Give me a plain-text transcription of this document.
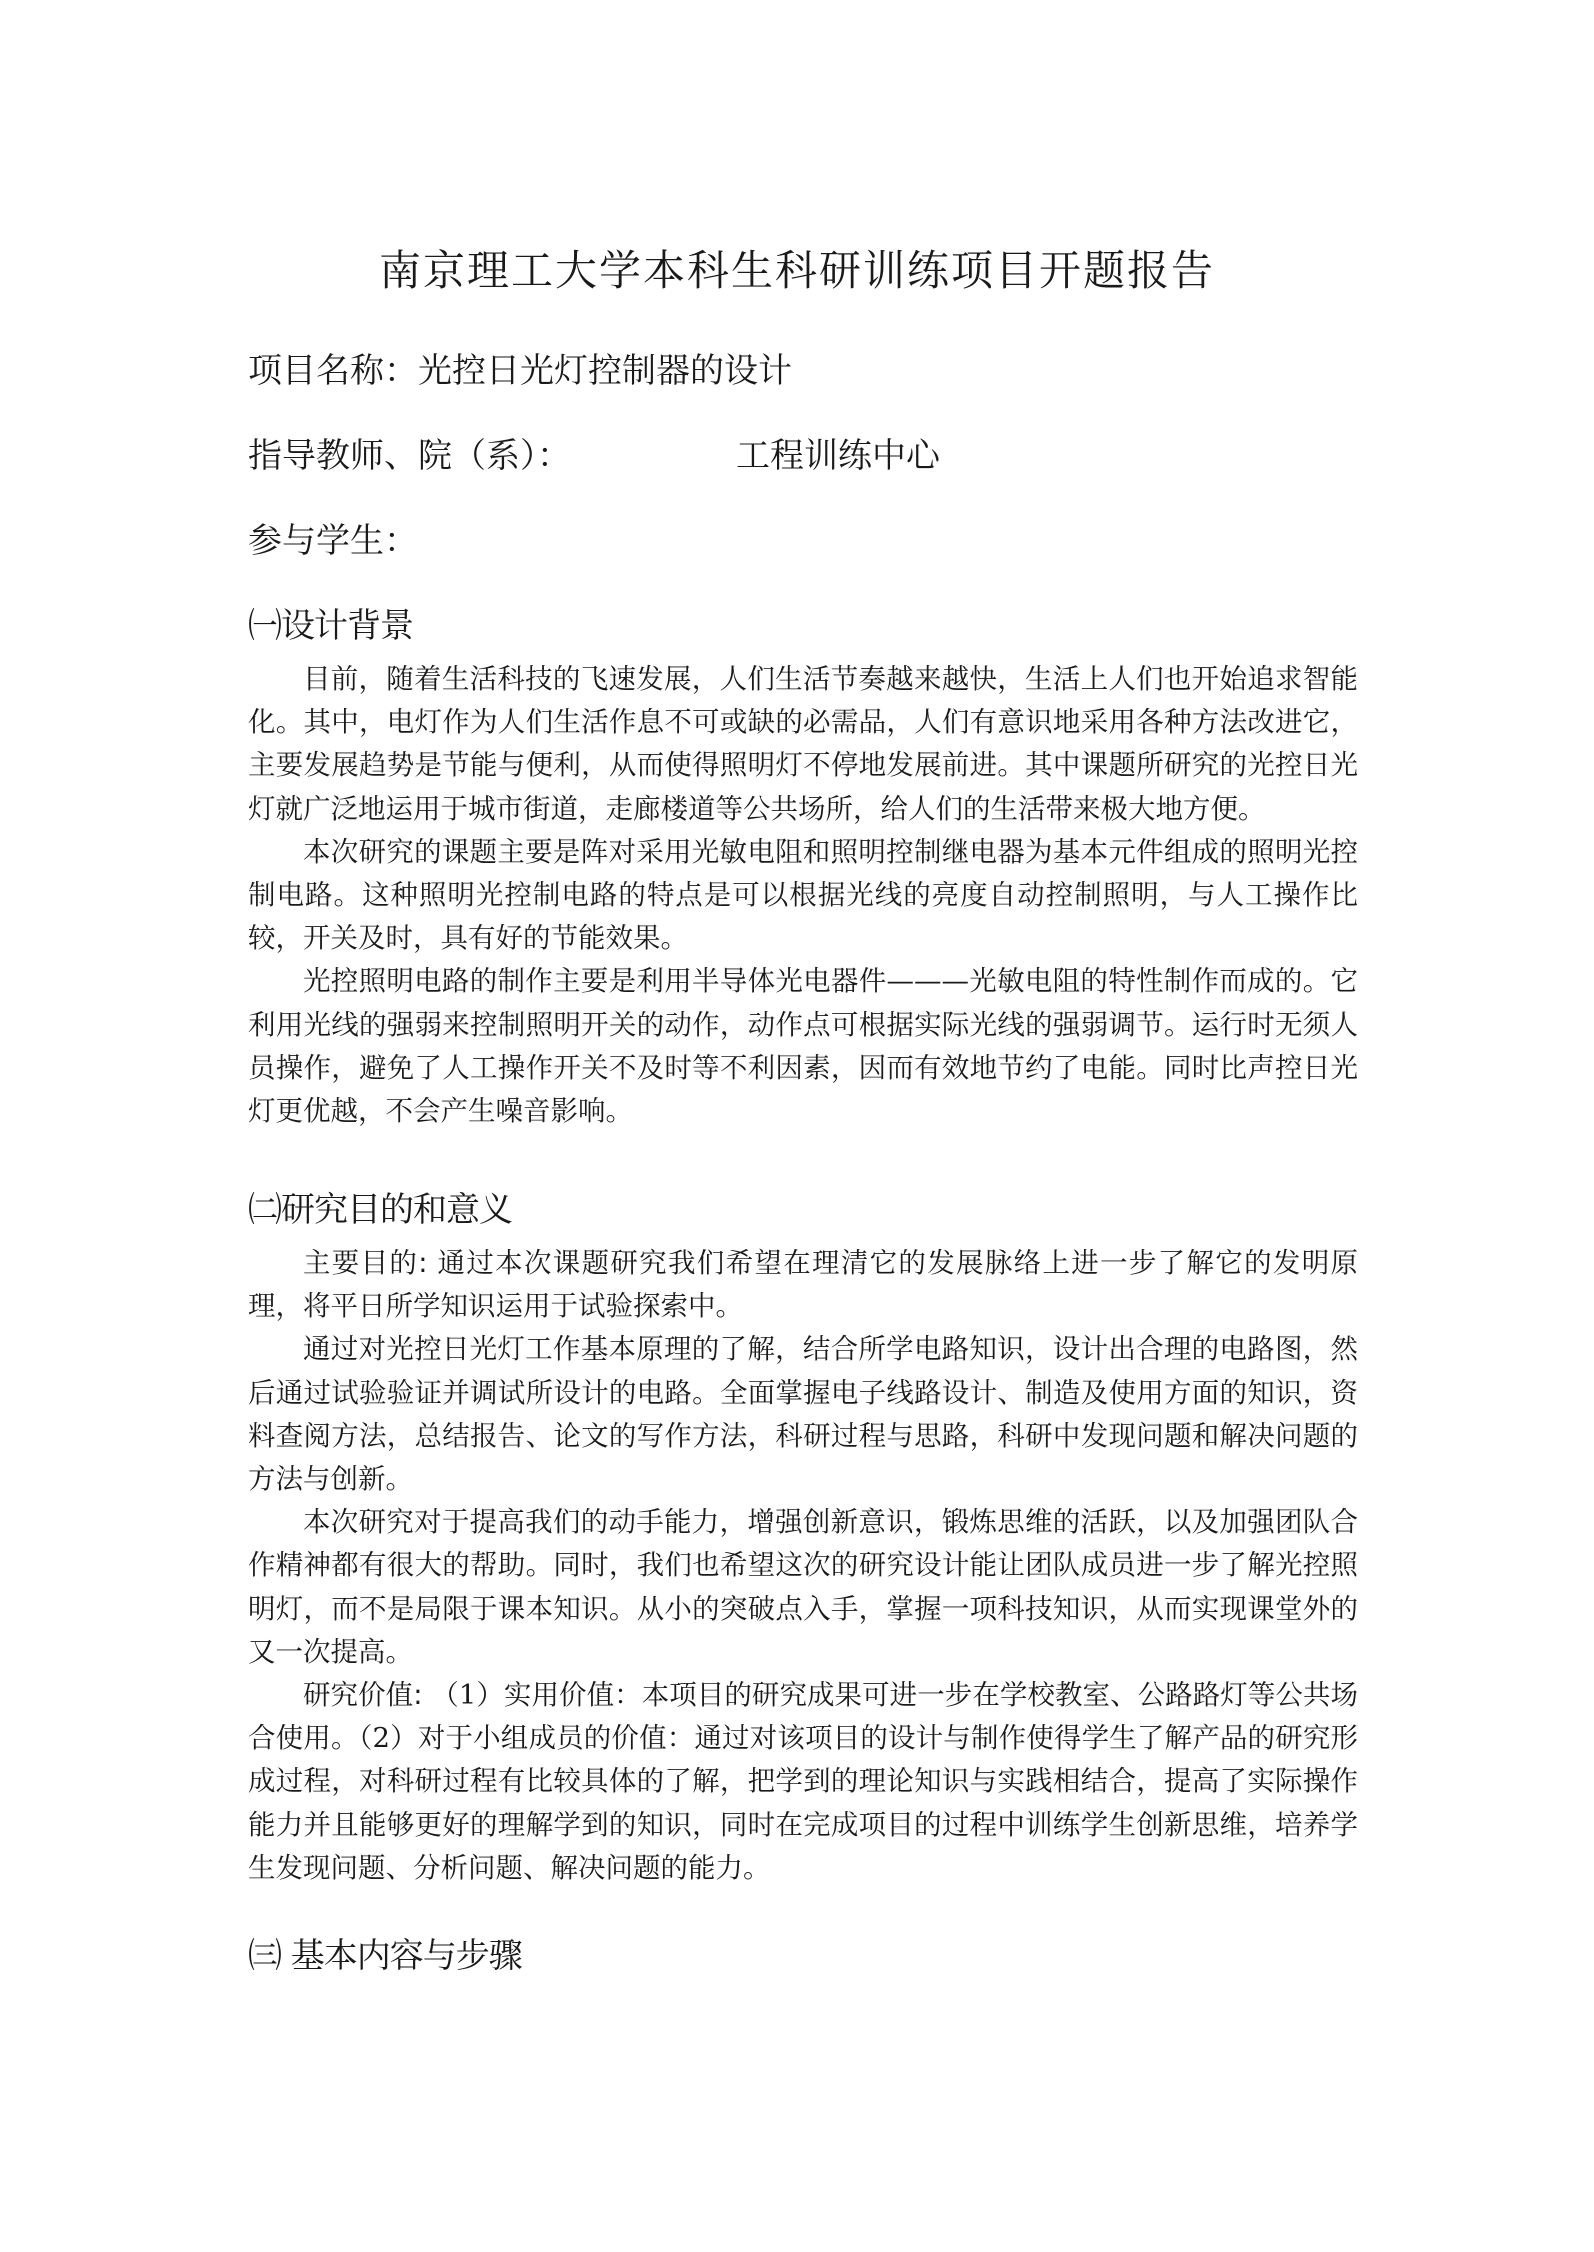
南京理工大学本科生科研训练项目开题报告
项目名称：光控日光灯控制器的设计
指导教师、院（系）：	工程训练中心
参与学生：
㈠设计背景

目前，随着生活科技的飞速发展，人们生活节奏越来越快，生活上人们也开始追求智能化。其中，电灯作为人们生活作息不可或缺的必需品，人们有意识地采用各种方法改进它，主要发展趋势是节能与便利，从而使得照明灯不停地发展前进。其中课题所研究的光控日光灯就广泛地运用于城市街道，走廊楼道等公共场所，给人们的生活带来极大地方便。

本次研究的课题主要是阵对采用光敏电阻和照明控制继电器为基本元件组成的照明光控制电路。这种照明光控制电路的特点是可以根据光线的亮度自动控制照明，与人工操作比较，开关及时，具有好的节能效果。

光控照明电路的制作主要是利用半导体光电器件———光敏电阻的特性制作而成的。它利用光线的强弱来控制照明开关的动作，动作点可根据实际光线的强弱调节。运行时无须人员操作，避免了人工操作开关不及时等不利因素，因而有效地节约了电能。同时比声控日光灯更优越，不会产生噪音影响。

㈡研究目的和意义

主要目的: 通过本次课题研究我们希望在理清它的发展脉络上进一步了解它的发明原理，将平日所学知识运用于试验探索中。

通过对光控日光灯工作基本原理的了解，结合所学电路知识，设计出合理的电路图，然后通过试验验证并调试所设计的电路。全面掌握电子线路设计、制造及使用方面的知识，资料查阅方法，总结报告、论文的写作方法，科研过程与思路，科研中发现问题和解决问题的方法与创新。

本次研究对于提高我们的动手能力，增强创新意识，锻炼思维的活跃，以及加强团队合作精神都有很大的帮助。同时，我们也希望这次的研究设计能让团队成员进一步了解光控照明灯，而不是局限于课本知识。从小的突破点入手，掌握一项科技知识，从而实现课堂外的又一次提高。

研究价值: （1）实用价值：本项目的研究成果可进一步在学校教室、公路路灯等公共场合使用。（2）对于小组成员的价值：通过对该项目的设计与制作使得学生了解产品的研究形成过程，对科研过程有比较具体的了解，把学到的理论知识与实践相结合，提高了实际操作能力并且能够更好的理解学到的知识，同时在完成项目的过程中训练学生创新思维，培养学生发现问题、分析问题、解决问题的能力。

㈢ 基本内容与步骤
